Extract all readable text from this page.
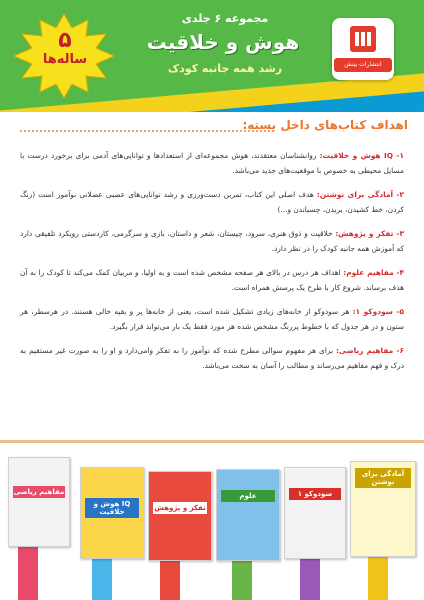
۵
ساله‌ها
مجموعه ۶ جلدی
هوش و خلاقیت
رشد همه جانبه کودک	انتشارات بینش
اهداف کتاب‌های داخل بسته:

۱- IQ هوش و خلاقیت: روانشناسان معتقدند، هوش مجموعه‌ای از استعدادها و توانایی‌های آدمی برای برخورد درست با مسایل محیطی به خصوص با موقعیت‌های جدید می‌باشد.

۲- آمادگی برای نوشتن: هدف اصلی این کتاب، تمرین دست‌ورزی و رشد توانایی‌های عصبی عضلانی نوآموز است (رنگ کردن، خط کشیدن، بریدن، چسباندن و...)

۳- تفکر و پژوهش: خلاقیت و ذوق هنری، سرود، چیستان، شعر و داستان، بازی و سرگرمی، کاردستی رویکرد تلفیقی دارد که آموزش همه جانبه کودک را در نظر دارد.

۴- مفاهیم علوم: اهداف هر درس در بالای هر صفحه مشخص شده است و به اولیا، و مربیان کمک می‌کند تا کودک را به آن هدف برساند. شروع کار با طرح یک پرسش همراه است.

۵- سودوکو ۱: هر سودوکو از خانه‌های زیادی تشکیل شده است، یعنی از خانه‌ها پر و بقیه خالی هستند. در هرسطر، هر ستون و در هر جدول که با خطوط پررنگ مشخص شده هر مورد فقط یک بار می‌تواند قرار بگیرد.

۶- مفاهیم ریاضی: برای هر مفهوم سوالی مطرح شده که نوآموز را به تفکر وامی‌دارد و او را به صورت غیر مستقیم به درک و فهم مفاهیم می‌رساند و مطالب را آسان به سخت می‌باشد.

مفاهیم ریاضی
IQ هوش و خلاقیت	تفکر و پژوهش
علوم	سودوکو ۱
آمادگی برای نوشتن
